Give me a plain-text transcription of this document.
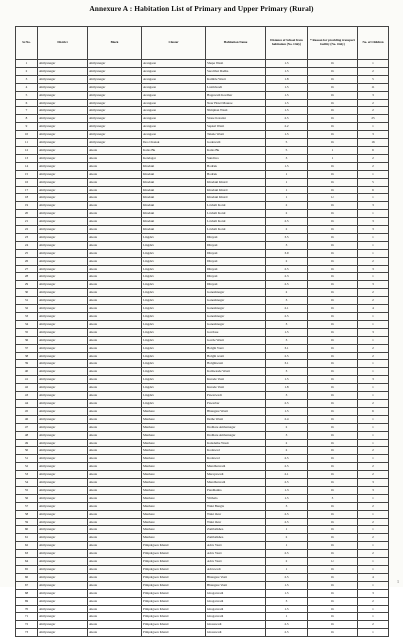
Annexure A : Habitation List of Primary and Upper Primary (Rural)
Sr.No.	District	Block	Cluster	Habitation Name	Distance of School from habitation (No. Only)	* Reason for providing transport facility (No. Only)	No. of Children
1	Ahilyanagar	Ahilyanagar	Arangaon	Shape Wasti	1.5	1b	1
2	Ahilyanagar	Ahilyanagar	Arangaon	Sarolibai Dadha	1.5	1b	2
3	Ahilyanagar	Ahilyanagar	Arangaon	Kamble Wasti	1.8	1b	5
4	Ahilyanagar	Ahilyanagar	Arangaon	Laxmiwadi	1.5	1b	11
5	Ahilyanagar	Ahilyanagar	Arangaon	Hagewadi Kordhar	1.5	1b	3
6	Ahilyanagar	Ahilyanagar	Arangaon	Near Hotel Mauree	1.5	1b	2
7	Ahilyanagar	Ahilyanagar	Arangaon	Nimphan Wasti	1.5	1b	2
8	Ahilyanagar	Ahilyanagar	Arangaon	Stone Kotadar	2.5	1b	25
9	Ahilyanagar	Ahilyanagar	Arangaon	Sapkal Wasti	2.2	1b	1
10	Ahilyanagar	Ahilyanagar	Arangaon	Takale Wasti	1.5	1b	3
11	Ahilyanagar	Ahilyanagar	Deo Chanak	Gadewadi	5	1b	16
12	Ahilyanagar	Akole	Kalas Bk	Kalas Bk	5	1	6
13	Ahilyanagar	Akole	Kendagar	Sundiwa	3	1	2
14	Ahilyanagar	Akole	Khadaki	Bodruk	1.5	1b	2
15	Ahilyanagar	Akole	Khadaki	Bodruk	1	1b	1
16	Ahilyanagar	Akole	Khadaki	Khadaki Khurd	1	1b	5
17	Ahilyanagar	Akole	Khadaki	Khadaki Khurd	1	1b	6
18	Ahilyanagar	Akole	Khadaki	Khadaki Khurd	1	1c	1
19	Ahilyanagar	Akole	Khadaki	Lavhali Kotul	2	1b	3
20	Ahilyanagar	Akole	Khadaki	Lavhali Kotul	2	1b	1
21	Ahilyanagar	Akole	Khadaki	Lavhali Kotul	2.5	1b	3
22	Ahilyanagar	Akole	Khadaki	Lavhali Kotul	2	1b	3
23	Ahilyanagar	Akole	Lingdev	Dhayati	3.5	1b	1
24	Ahilyanagar	Akole	Lingdev	Dhayati	3	1b	1
25	Ahilyanagar	Akole	Lingdev	Dhayati	3.9	1b	1
26	Ahilyanagar	Akole	Lingdev	Dhayati	2	1b	2
27	Ahilyanagar	Akole	Lingdev	Dhayati	2.5	1b	3
28	Ahilyanagar	Akole	Lingdev	Dhayati	2.3	1b	1
29	Ahilyanagar	Akole	Lingdev	Dhayati	2.5	1b	3
30	Ahilyanagar	Akole	Lingdev	Ganeshnagar	2	1b	2
31	Ahilyanagar	Akole	Lingdev	Ganeshnagar	3	1b	2
32	Ahilyanagar	Akole	Lingdev	Ganeshnagar	2.1	1b	4
33	Ahilyanagar	Akole	Lingdev	Ganeshnagar	2.5	1b	1
34	Ahilyanagar	Akole	Lingdev	Ganeshnagar	3	1b	1
35	Ahilyanagar	Akole	Lingdev	Gavdase	1.5	1b	3
36	Ahilyanagar	Akole	Lingdev	Gavde Wasti	3	1b	1
37	Ahilyanagar	Akole	Lingdev	Holghi Vasti	3.1	1b	2
38	Ahilyanagar	Akole	Lingdev	Holghi wasti	2.5	1b	2
39	Ahilyanagar	Akole	Lingdev	Holghiwasti	3.1	1b	1
40	Ahilyanagar	Akole	Lingdev	Kamwasde Wasti	3	1b	1
41	Ahilyanagar	Akole	Lingdev	Kurade Vasti	1.5	1b	3
42	Ahilyanagar	Akole	Lingdev	Kurade Vasti	1.8	1b	1
43	Ahilyanagar	Akole	Lingdev	Pawarwadi	3	1b	1
44	Ahilyanagar	Akole	Lingdev	Pawarbar	2.5	1b	2
45	Ahilyanagar	Akole	Manhere	Bhangare Wasti	1.5	1b	6
46	Ahilyanagar	Akole	Manhere	Dethe Wasti	2.4	1b	1
47	Ahilyanagar	Akole	Manhere	Dodhare Ambernagar	2	1b	1
48	Ahilyanagar	Akole	Manhere	Dodhare Ambernagar	3	1b	1
49	Ahilyanagar	Akole	Manhere	Kaledethe Wasti	2	1b	1
50	Ahilyanagar	Akole	Manhere	Kodawad	2	1b	2
51	Ahilyanagar	Akole	Manhere	Kodawad	2.5	1b	1
52	Ahilyanagar	Akole	Manhere	Mandharwadi	2.5	1b	2
53	Ahilyanagar	Akole	Manhere	Marayewadi	2.1	1b	2
54	Ahilyanagar	Akole	Manhere	Mandharwadi	2.5	1b	3
55	Ahilyanagar	Akole	Manhere	Pandhanha	1.3	1b	3
56	Ahilyanagar	Akole	Manhere	Vitthala	1.5	3	1
57	Ahilyanagar	Akole	Manhere	Waki Bangla	3	1b	2
58	Ahilyanagar	Akole	Manhere	Waki Ozar	2.5	1b	1
59	Ahilyanagar	Akole	Manhere	Waki Ozar	2.5	1b	2
60	Ahilyanagar	Akole	Manhere	Zambalkhea	1	1b	1
61	Ahilyanagar	Akole	Manhere	Zambalkhea	2	1b	2
62	Ahilyanagar	Akole	Pimpalgaon Khand	Adav Vasti	1	1b	1
63	Ahilyanagar	Akole	Pimpalgaon Khand	Adav Vasti	2.5	1b	2
64	Ahilyanagar	Akole	Pimpalgaon Khand	Adav Vasti	2	1c	1
65	Ahilyanagar	Akole	Pimpalgaon Khand	Adavwadi	1	1b	1
66	Ahilyanagar	Akole	Pimpalgaon Khand	Bhangare Vasti	2.5	1b	4
67	Ahilyanagar	Akole	Pimpalgaon Khand	Bhangare Vasti	1.5	1b	1
68	Ahilyanagar	Akole	Pimpalgaon Khand	Ghogarwadi	1.5	1b	3
69	Ahilyanagar	Akole	Pimpalgaon Khand	Ghogarwadi	3	1b	2
70	Ahilyanagar	Akole	Pimpalgaon Khand	Ghogarwadi	1.5	1b	1
71	Ahilyanagar	Akole	Pimpalgaon Khand	Ghogarwadi	1	1b	1
72	Ahilyanagar	Akole	Pimpalgaon Khand	Ghotewadi	2.5	1b	2
73	Ahilyanagar	Akole	Pimpalgaon Khand	Ghotewadi	2.5	1b	1
1
